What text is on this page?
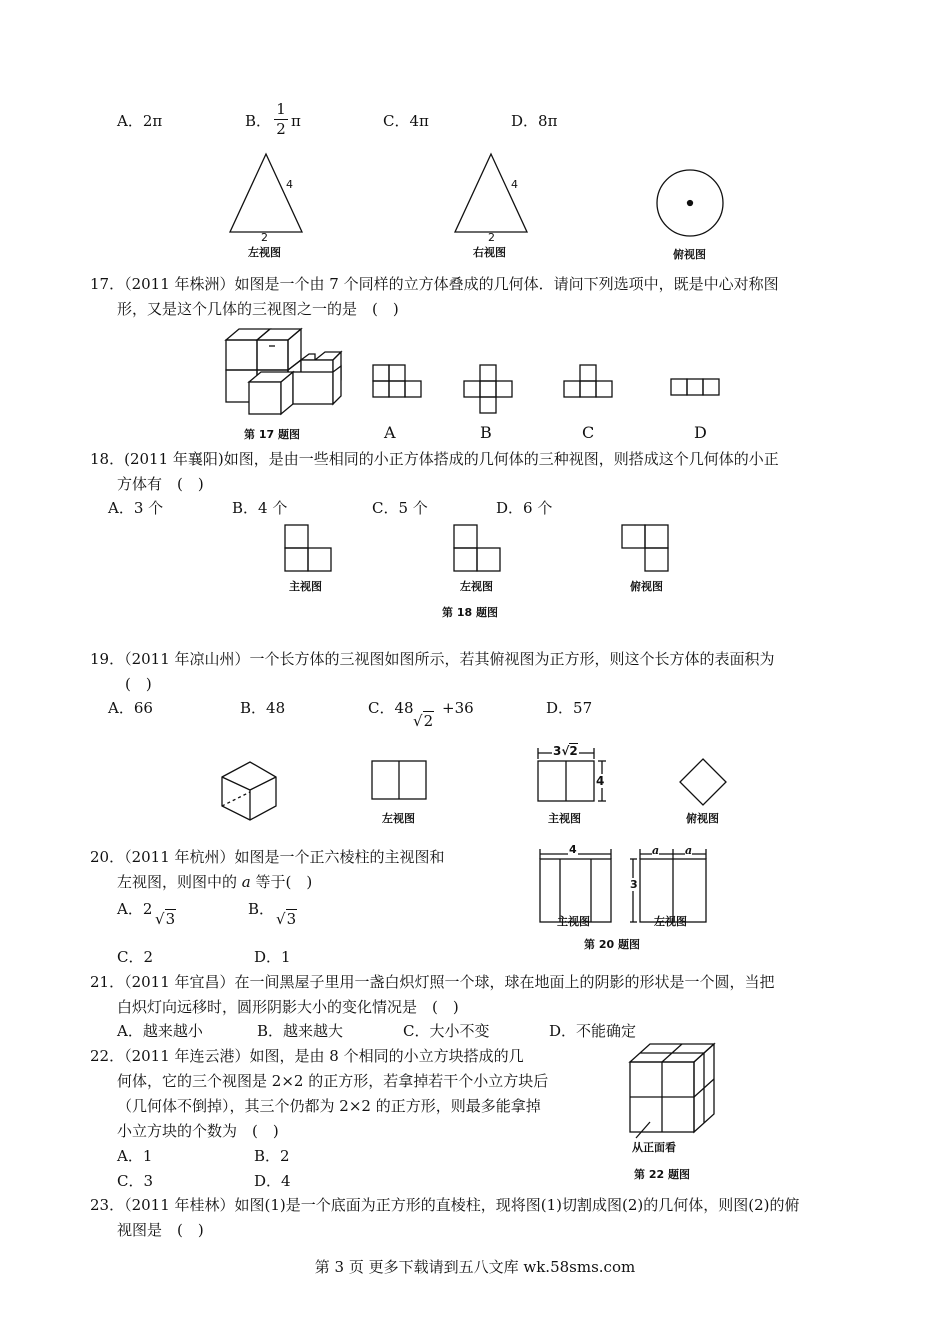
A．2π	B．
1
2 π	C．4π	D．8π
4
2
左视图
4
2
右视图	俯视图
17．（2011 年株洲）如图是一个由 7 个同样的立方体叠成的几何体．请问下列选项中，既是中心对称图
形，又是这个几体的三视图之一的是　(　)
第 17 题图	A	B	C	D
18．(2011 年襄阳)如图，是由一些相同的小正方体搭成的几何体的三种视图，则搭成这个几何体的小正
方体有　(　)
A．3 个	B．4 个	C．5 个	D．6 个
主视图	左视图	俯视图
第 18 题图
19．（2011 年凉山州）一个长方体的三视图如图所示，若其俯视图为正方形，则这个长方体的表面积为
(　)
A．66	B．48	C．48
√2
+36	D．57
左视图
3√2
4
主视图	俯视图
20．（2011 年杭州）如图是一个正六棱柱的主视图和
左视图，则图中的 a 等于(　)
A．2
√3
B．
√3
C．2	D．1
4
主视图
a a
3
左视图
第 20 题图
21．（2011 年宜昌）在一间黑屋子里用一盏白炽灯照一个球，球在地面上的阴影的形状是一个圆，当把
白炽灯向远移时，圆形阴影大小的变化情况是　(　)
A．越来越小	B．越来越大	C．大小不变	D．不能确定
22．（2011 年连云港）如图，是由 8 个相同的小立方块搭成的几
何体，它的三个视图是 2×2 的正方形，若拿掉若干个小立方块后
（几何体不倒掉），其三个仍都为 2×2 的正方形，则最多能拿掉
小立方块的个数为　(　)
A．1	B．2
C．3	D．4
从正面看
第 22 题图
23．（2011 年桂林）如图(1)是一个底面为正方形的直棱柱，现将图(1)切割成图(2)的几何体，则图(2)的俯
视图是　(　)
第 3 页 更多下载请到五八文库 wk.58sms.com
